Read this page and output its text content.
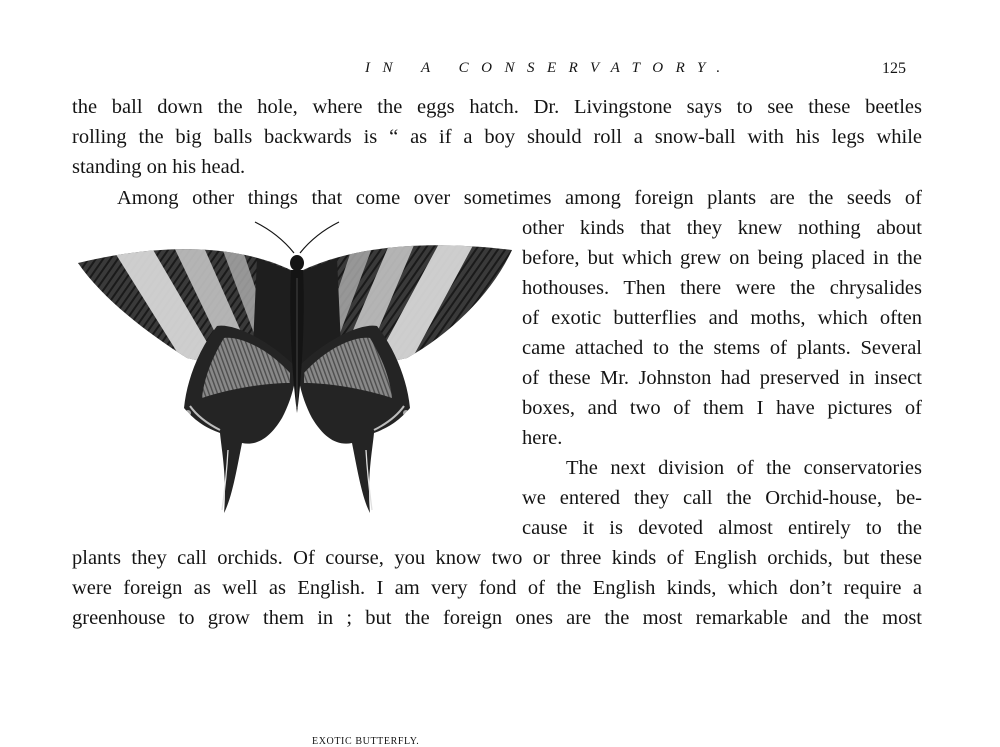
IN A CONSERVATORY.	125
the ball down the hole, where the eggs hatch. Dr. Livingstone says to see these beetles
rolling the big balls backwards is “ as if a boy should roll a snow-ball with his legs while
standing on his head.
Among other things that come over sometimes among foreign plants are the seeds of
other kinds that they knew nothing about
before, but which grew on being placed in the
hothouses. Then there were the chrysalides
of exotic butterflies and moths, which often
came attached to the stems of plants. Several
of these Mr. Johnston had preserved in insect
boxes, and two of them I have pictures of
here.
The next division of the conservatories
we entered they call the Orchid-house, be-
cause it is devoted almost entirely to the
plants they call orchids. Of course, you know two or three kinds of English orchids, but these
were foreign as well as English. I am very fond of the English kinds, which don’t require a
greenhouse to grow them in ; but the foreign ones are the most remarkable and the most
EXOTIC BUTTERFLY.
